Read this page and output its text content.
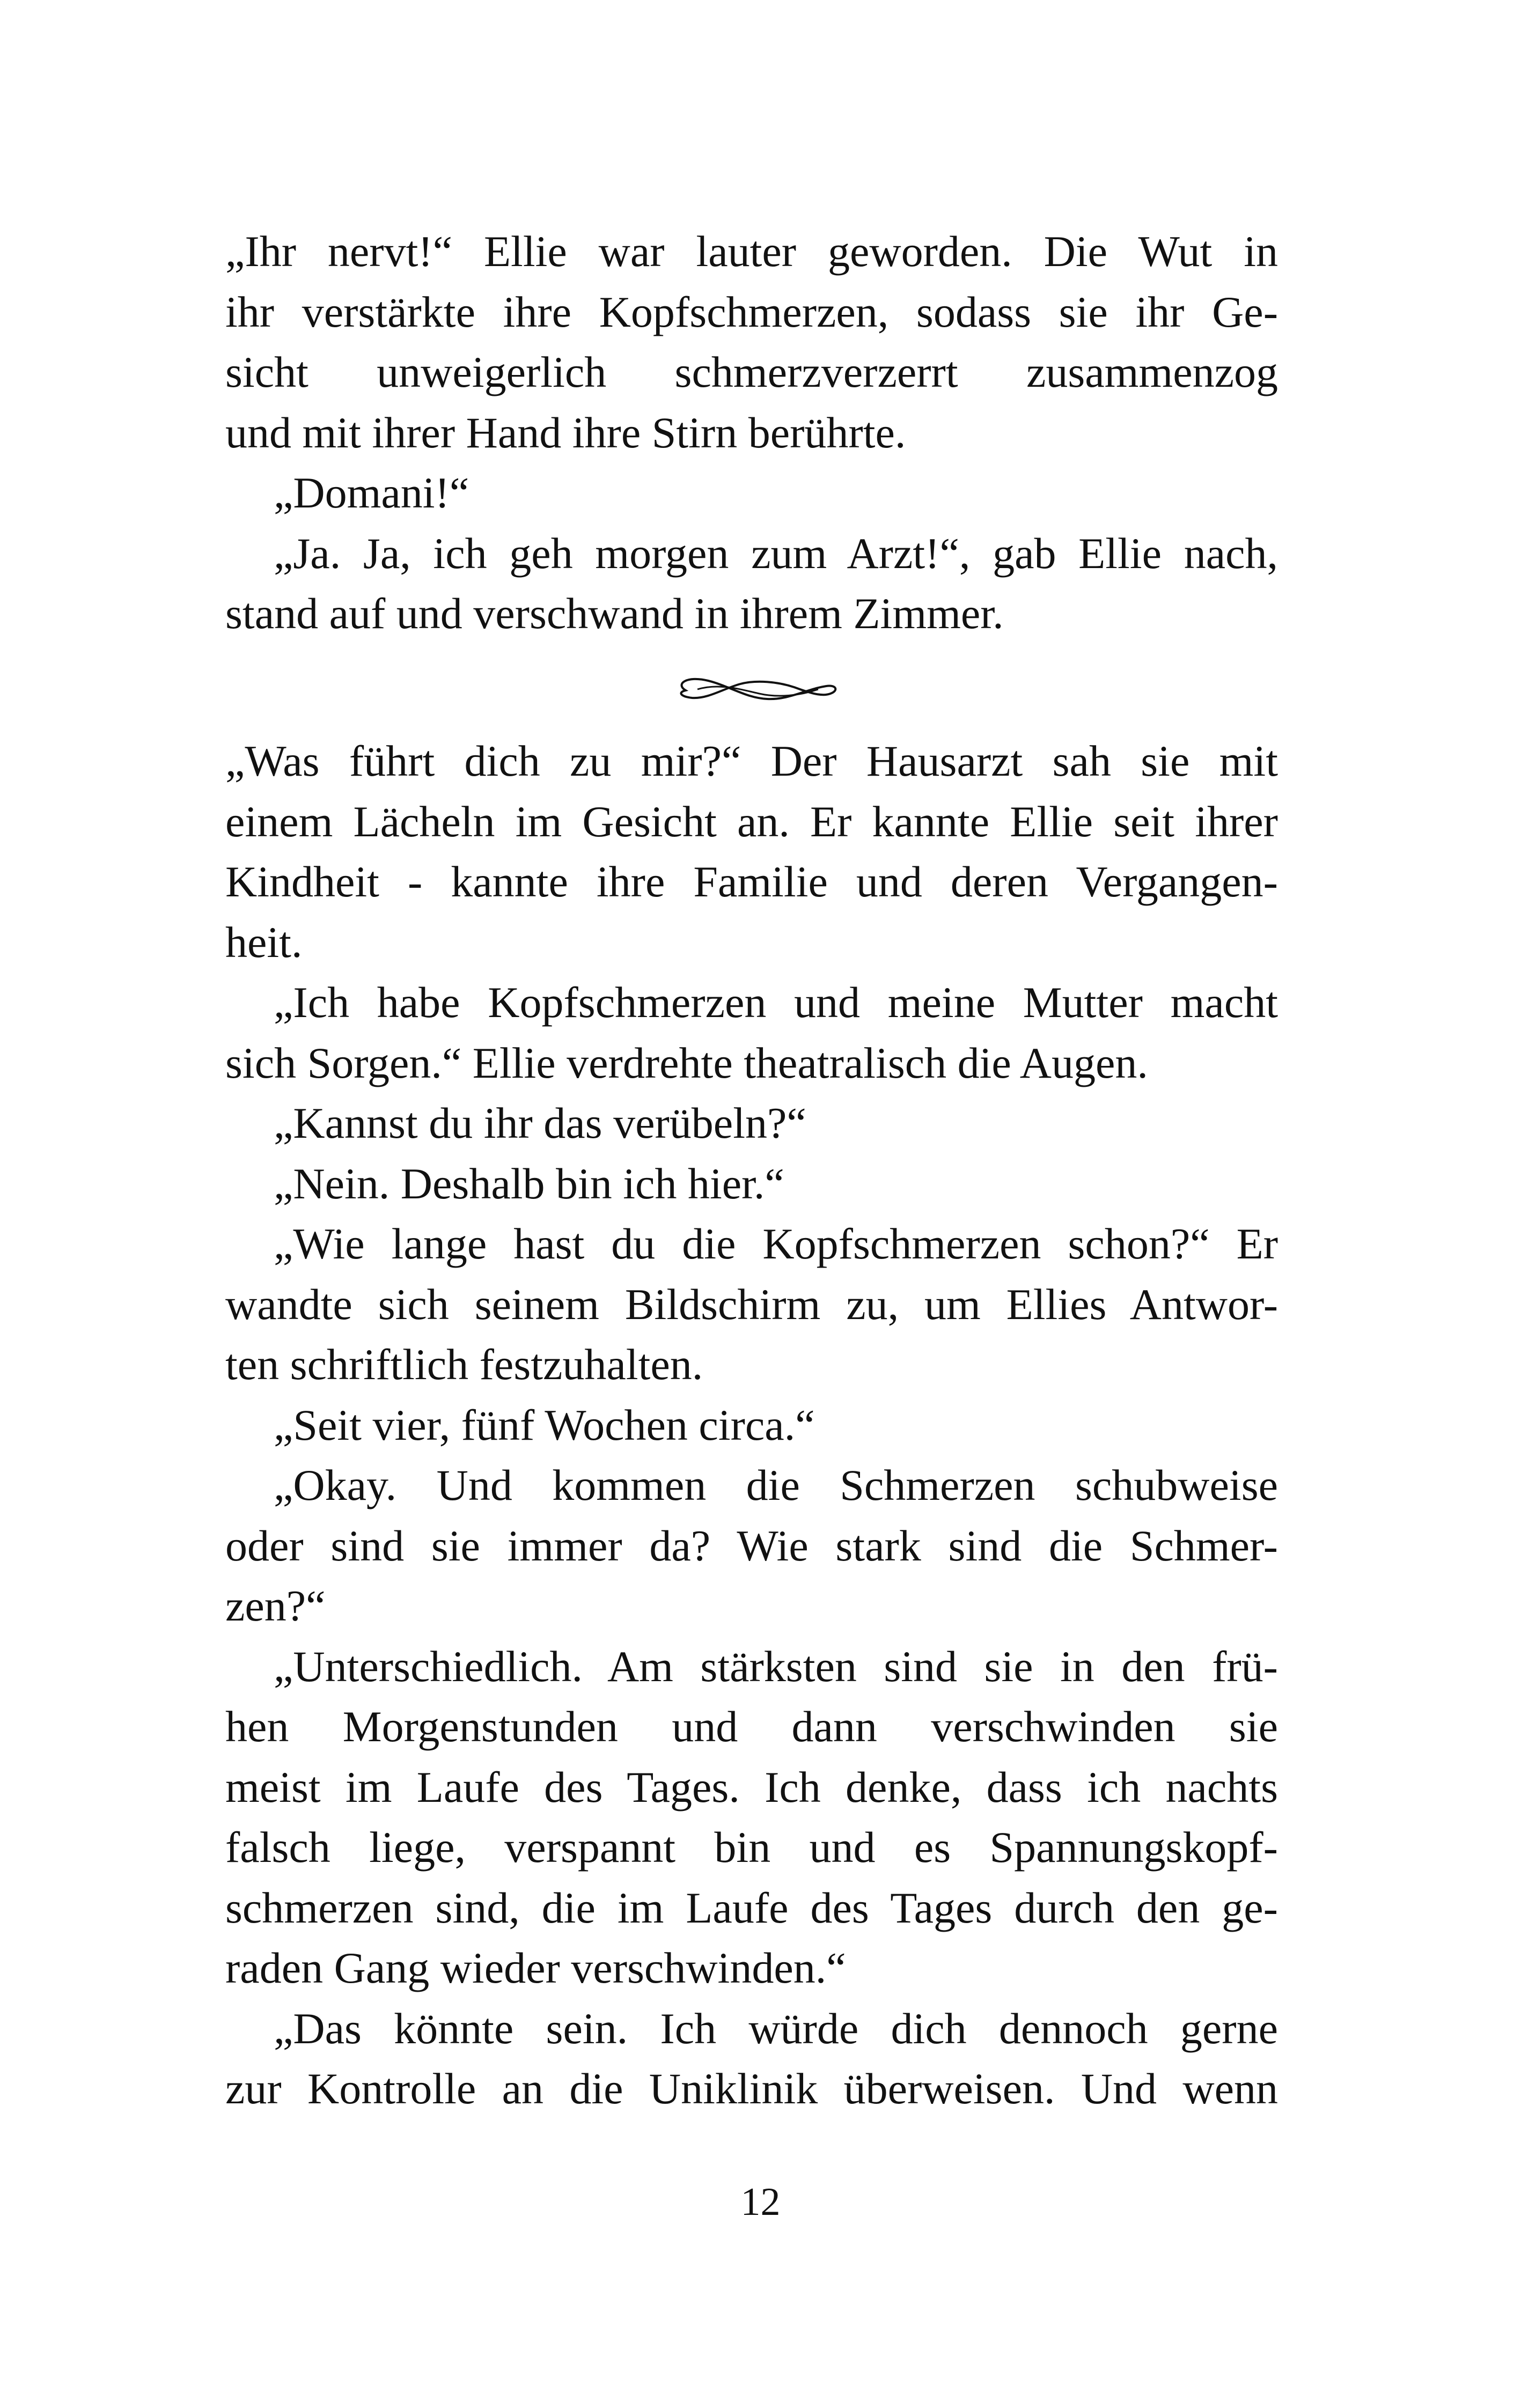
„Ihr nervt!“ Ellie war lauter geworden. Die Wut in
ihr verstärkte ihre Kopfschmerzen, sodass sie ihr Ge-
sicht unweigerlich schmerzverzerrt zusammenzog
und mit ihrer Hand ihre Stirn berührte.
„Domani!“
„Ja. Ja, ich geh morgen zum Arzt!“, gab Ellie nach,
stand auf und verschwand in ihrem Zimmer.
„Was führt dich zu mir?“ Der Hausarzt sah sie mit
einem Lächeln im Gesicht an. Er kannte Ellie seit ihrer
Kindheit - kannte ihre Familie und deren Vergangen-
heit.
„Ich habe Kopfschmerzen und meine Mutter macht
sich Sorgen.“ Ellie verdrehte theatralisch die Augen.
„Kannst du ihr das verübeln?“
„Nein. Deshalb bin ich hier.“
„Wie lange hast du die Kopfschmerzen schon?“ Er
wandte sich seinem Bildschirm zu, um Ellies Antwor-
ten schriftlich festzuhalten.
„Seit vier, fünf Wochen circa.“
„Okay. Und kommen die Schmerzen schubweise
oder sind sie immer da? Wie stark sind die Schmer-
zen?“
„Unterschiedlich. Am stärksten sind sie in den frü-
hen Morgenstunden und dann verschwinden sie
meist im Laufe des Tages. Ich denke, dass ich nachts
falsch liege, verspannt bin und es Spannungskopf-
schmerzen sind, die im Laufe des Tages durch den ge-
raden Gang wieder verschwinden.“
„Das könnte sein. Ich würde dich dennoch gerne
zur Kontrolle an die Uniklinik überweisen. Und wenn
12
